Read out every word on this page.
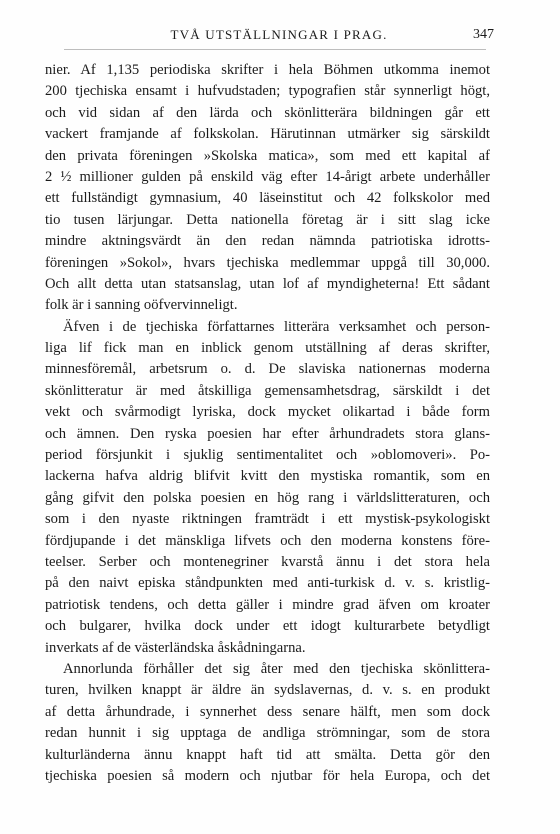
TVÅ UTSTÄLLNINGAR I PRAG.	347
nier. Af 1,135 periodiska skrifter i hela Böhmen utkomma inemot
200 tjechiska ensamt i hufvudstaden; typografien står synnerligt högt,
och vid sidan af den lärda och skönlitterära bildningen går ett
vackert framjande af folkskolan. Härutinnan utmärker sig särskildt
den privata föreningen »Skolska matica», som med ett kapital af
2 ½ millioner gulden på enskild väg efter 14-årigt arbete underhåller
ett fullständigt gymnasium, 40 läseinstitut och 42 folkskolor med
tio tusen lärjungar. Detta nationella företag är i sitt slag icke
mindre aktningsvärdt än den redan nämnda patriotiska idrotts-
föreningen »Sokol», hvars tjechiska medlemmar uppgå till 30,000.
Och allt detta utan statsanslag, utan lof af myndigheterna! Ett sådant
folk är i sanning oöfvervinneligt.
Äfven i de tjechiska författarnes litterära verksamhet och person-
liga lif fick man en inblick genom utställning af deras skrifter,
minnesföremål, arbetsrum o. d. De slaviska nationernas moderna
skönlitteratur är med åtskilliga gemensamhetsdrag, särskildt i det
vekt och svårmodigt lyriska, dock mycket olikartad i både form
och ämnen. Den ryska poesien har efter århundradets stora glans-
period försjunkit i sjuklig sentimentalitet och »oblomoveri». Po-
lackerna hafva aldrig blifvit kvitt den mystiska romantik, som en
gång gifvit den polska poesien en hög rang i världslitteraturen, och
som i den nyaste riktningen framträdt i ett mystisk-psykologiskt
fördjupande i det mänskliga lifvets och den moderna konstens före-
teelser. Serber och montenegriner kvarstå ännu i det stora hela
på den naivt episka ståndpunkten med anti-turkisk d. v. s. kristlig-
patriotisk tendens, och detta gäller i mindre grad äfven om kroater
och bulgarer, hvilka dock under ett idogt kulturarbete betydligt
inverkats af de västerländska åskådningarna.
Annorlunda förhåller det sig åter med den tjechiska skönlittera-
turen, hvilken knappt är äldre än sydslavernas, d. v. s. en produkt
af detta århundrade, i synnerhet dess senare hälft, men som dock
redan hunnit i sig upptaga de andliga strömningar, som de stora
kulturländerna ännu knappt haft tid att smälta. Detta gör den
tjechiska poesien så modern och njutbar för hela Europa, och det
